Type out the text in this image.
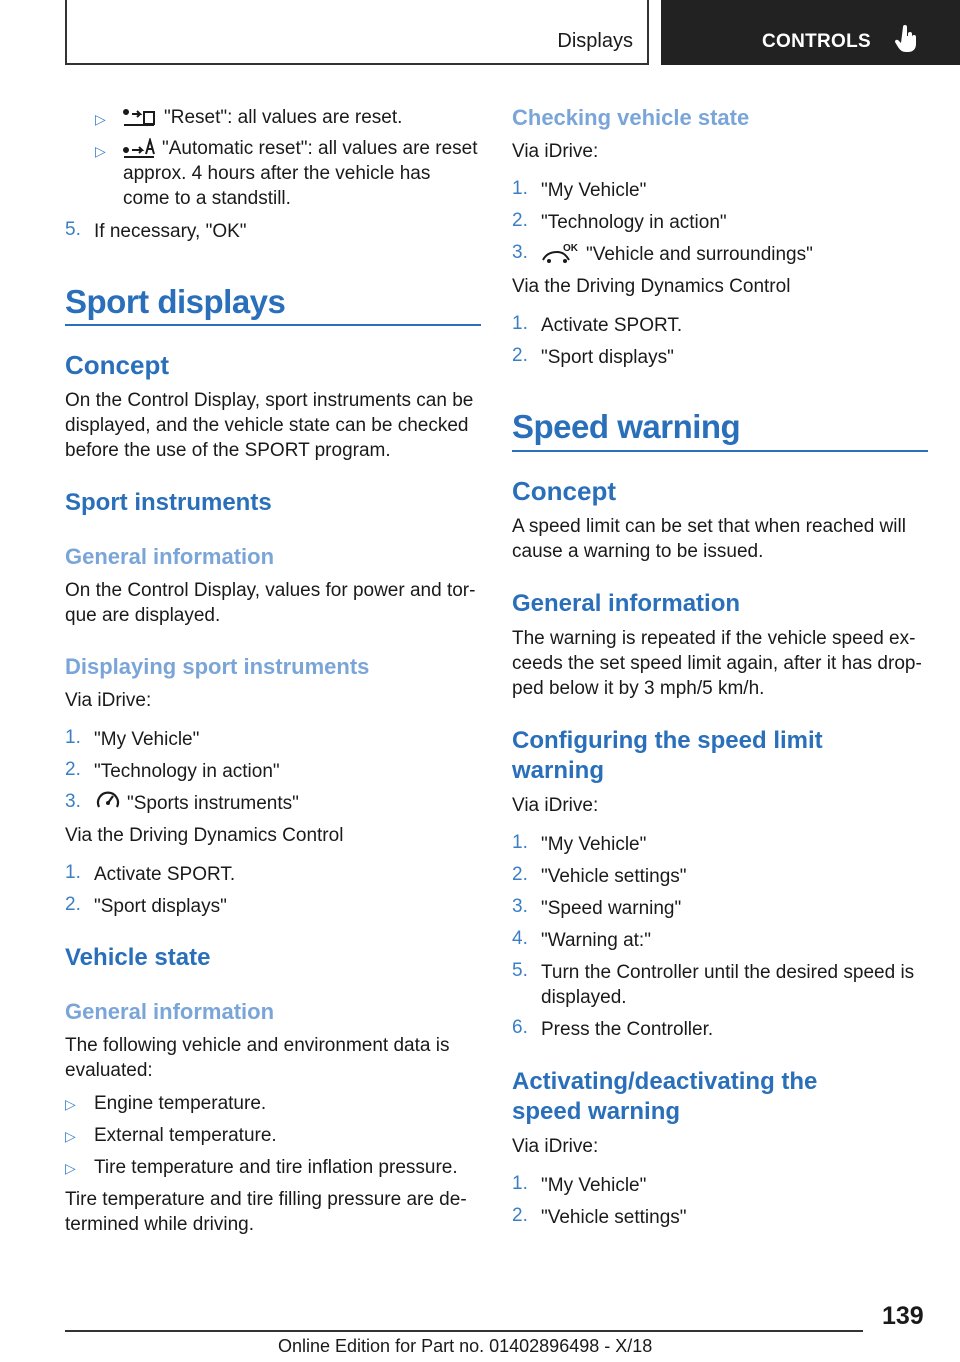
Displays	CONTROLS
▷	"Reset": all values are reset.
▷	"Automatic reset": all values are reset
approx. 4 hours after the vehicle has
come to a standstill.
5. If necessary, "OK"
Sport displays
Concept
On the Control Display, sport instruments can be
displayed, and the vehicle state can be checked
before the use of the SPORT program.
Sport instruments
General information
On the Control Display, values for power and tor‐
que are displayed.
Displaying sport instruments
Via iDrive:
1. "My Vehicle"
2. "Technology in action"
3. "Sports instruments"
Via the Driving Dynamics Control
1. Activate SPORT.
2. "Sport displays"
Vehicle state
General information
The following vehicle and environment data is
evaluated:
▷ Engine temperature.
▷ External temperature.
▷ Tire temperature and tire inflation pressure.
Tire temperature and tire filling pressure are de‐
termined while driving.
Checking vehicle state
Via iDrive:
1. "My Vehicle"
2. "Technology in action"
3.	OK "Vehicle and surroundings"
Via the Driving Dynamics Control
1. Activate SPORT.
2. "Sport displays"
Speed warning
Concept
A speed limit can be set that when reached will
cause a warning to be issued.
General information
The warning is repeated if the vehicle speed ex‐
ceeds the set speed limit again, after it has drop‐
ped below it by 3 mph/5 km/h.
Configuring the speed limit
warning
Via iDrive:
1. "My Vehicle"
2. "Vehicle settings"
3. "Speed warning"
4. "Warning at:"
5. Turn the Controller until the desired speed is
displayed.
6. Press the Controller.
Activating/deactivating the
speed warning
Via iDrive:
1. "My Vehicle"
2. "Vehicle settings"
139
Online Edition for Part no. 01402896498 - X/18
